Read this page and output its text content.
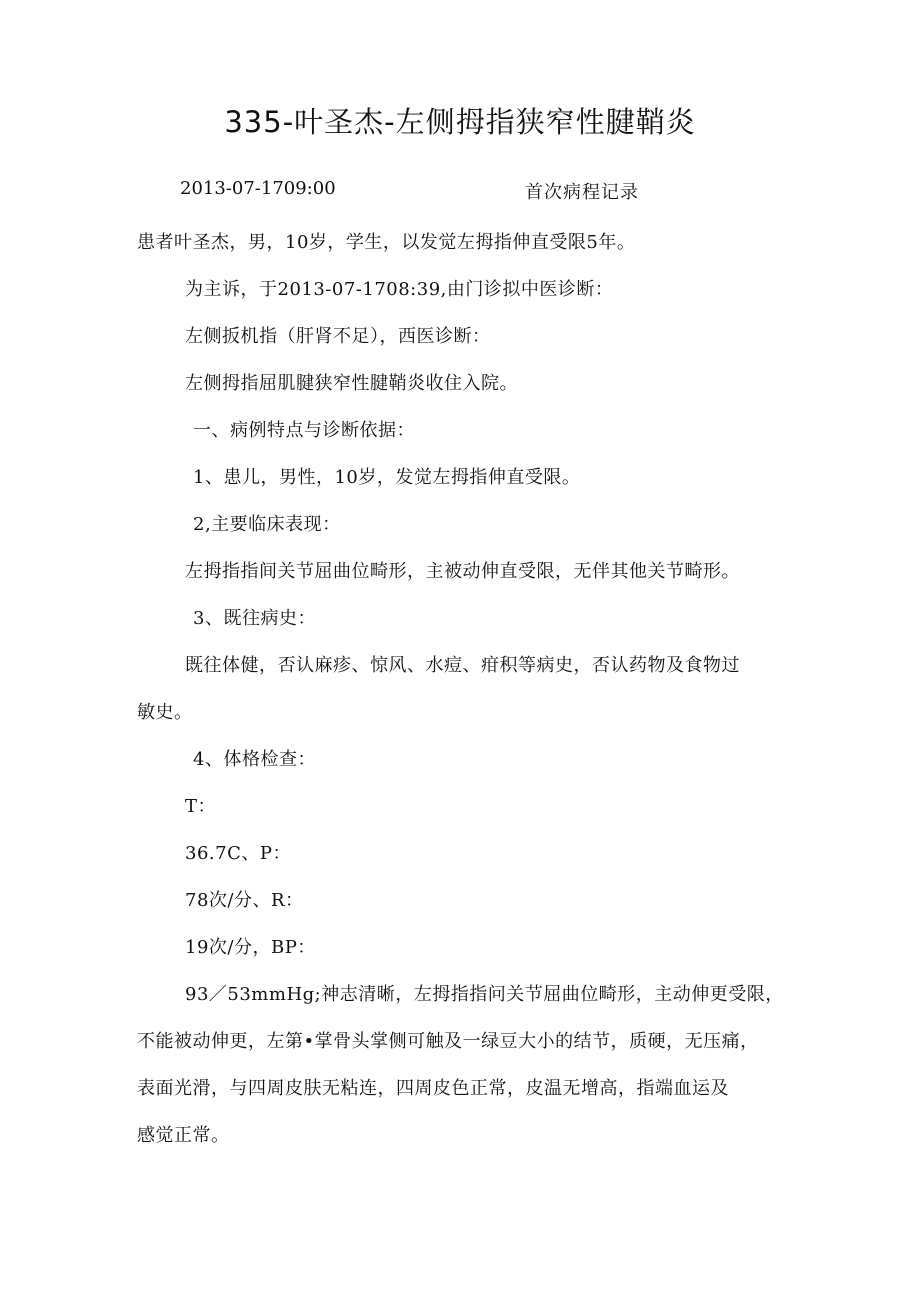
335-叶圣杰-左侧拇指狭窄性腱鞘炎
2013-07-1709:00	首次病程记录
患者叶圣杰，男，10岁，学生，以发觉左拇指伸直受限5年。
为主诉，于2013-07-1708:39,由门诊拟中医诊断：
左侧扳机指（肝肾不足），西医诊断：
左侧拇指屈肌腱狭窄性腱鞘炎收住入院。
一、病例特点与诊断依据：
1、患儿，男性，10岁，发觉左拇指伸直受限。
2,主要临床表现：
左拇指指间关节屈曲位畸形，主被动伸直受限，无伴其他关节畸形。
3、既往病史：
既往体健，否认麻疹、惊风、水痘、疳积等病史，否认药物及食物过
敏史。
4、体格检查：
T：
36.7C、P：
78次/分、R：
19次/分，BP：
93／53mmHg;神志清晰，左拇指指问关节屈曲位畸形，主动伸更受限，
不能被动伸更，左第•掌骨头掌侧可触及一绿豆大小的结节，质硬，无压痛，
表面光滑，与四周皮肤无粘连，四周皮色正常，皮温无增高，指端血运及
感觉正常。
